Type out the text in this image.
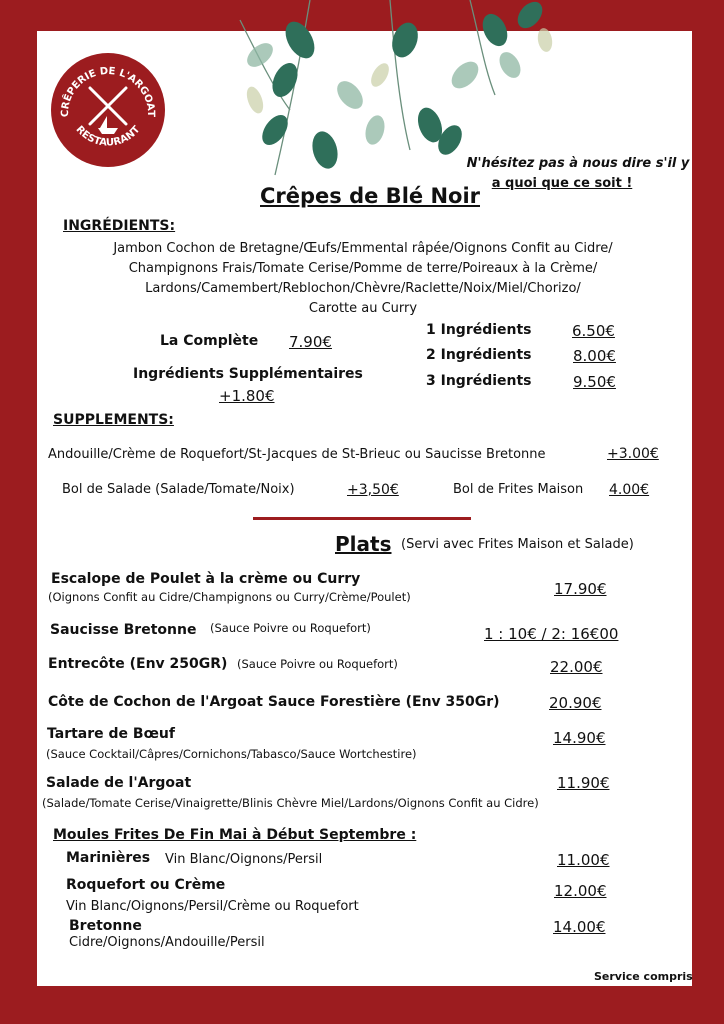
CRÊPERIE DE L'ARGOAT
RESTAURANT
N'hésitez pas à nous dire s'il y
a quoi que ce soit !
Crêpes de Blé Noir
INGRÉDIENTS:
Jambon Cochon de Bretagne/Œufs/Emmental râpée/Oignons Confit au Cidre/
Champignons Frais/Tomate Cerise/Pomme de terre/Poireaux à la Crème/
Lardons/Camembert/Reblochon/Chèvre/Raclette/Noix/Miel/Chorizo/
Carotte au Curry
La Complète 7.90€
Ingrédients Supplémentaires
+1.80€
1 Ingrédients	6.50€
2 Ingrédients	8.00€
3 Ingrédients	9.50€
SUPPLEMENTS:
Andouille/Crème de Roquefort/St-Jacques de St-Brieuc ou Saucisse Bretonne	+3.00€
Bol de Salade (Salade/Tomate/Noix)	+3,50€	Bol de Frites Maison 4.00€
Plats (Servi avec Frites Maison et Salade)
Escalope de Poulet à la crème ou Curry
(Oignons Confit au Cidre/Champignons ou Curry/Crème/Poulet)	17.90€
Saucisse Bretonne (Sauce Poivre ou Roquefort)	1 : 10€ / 2: 16€00
Entrecôte (Env 250GR) (Sauce Poivre ou Roquefort)	22.00€
Côte de Cochon de l'Argoat Sauce Forestière (Env 350Gr)	20.90€
Tartare de Bœuf
(Sauce Cocktail/Câpres/Cornichons/Tabasco/Sauce Wortchestire)
14.90€
Salade de l'Argoat
(Salade/Tomate Cerise/Vinaigrette/Blinis Chèvre Miel/Lardons/Oignons Confit au Cidre)
11.90€
Moules Frites De Fin Mai à Début Septembre :
Marinières Vin Blanc/Oignons/Persil	11.00€
Roquefort ou Crème
Vin Blanc/Oignons/Persil/Crème ou Roquefort
12.00€
Bretonne
Cidre/Oignons/Andouille/Persil
14.00€
Service compris
